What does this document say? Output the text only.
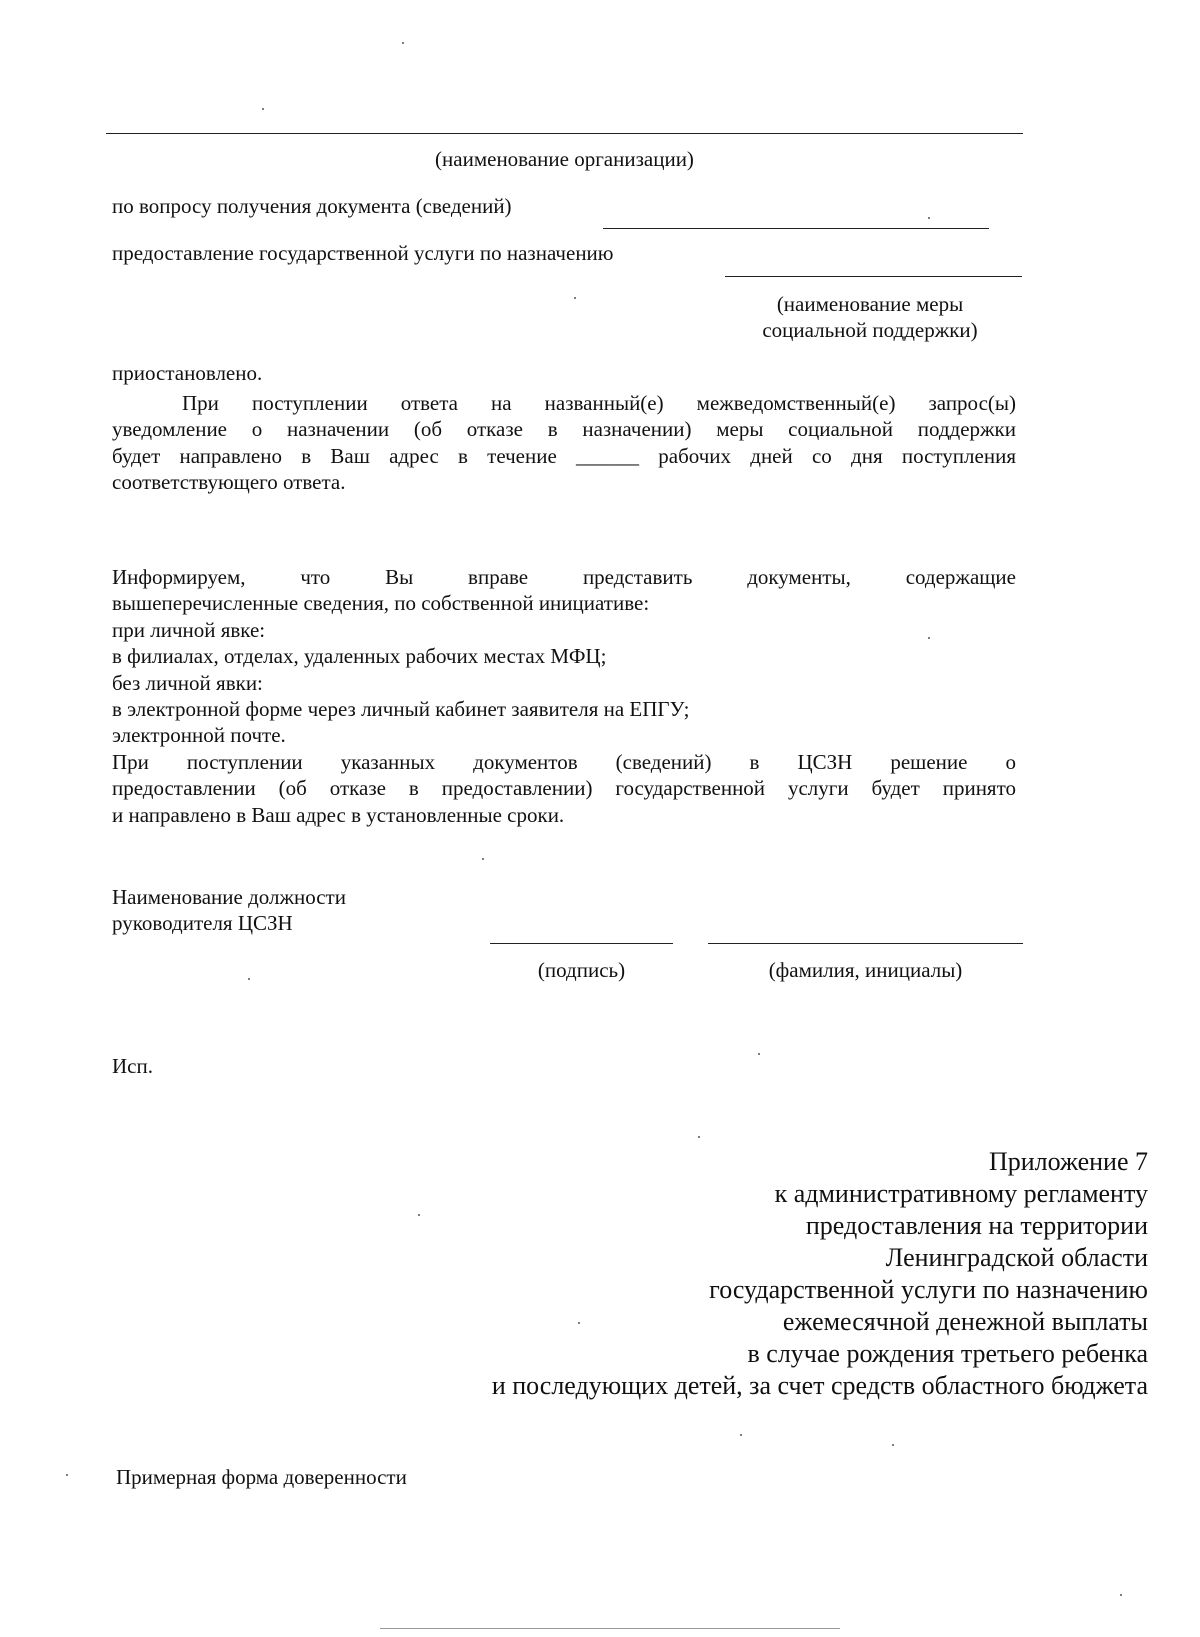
(наименование организации)
по вопросу получения документа (сведений)
предоставление государственной услуги по назначению
(наименование меры
социальной поддержки)
приостановлено.
При поступлении ответа на названный(е) межведомственный(е) запрос(ы)
уведомление о назначении (об отказе в назначении) меры социальной поддержки
будет направлено в Ваш адрес в течение ______ рабочих дней со дня поступления
соответствующего ответа.
Информируем, что Вы вправе представить документы, содержащие
вышеперечисленные сведения, по собственной инициативе:
при личной явке:
в филиалах, отделах, удаленных рабочих местах МФЦ;
без личной явки:
в электронной форме через личный кабинет заявителя на ЕПГУ;
электронной почте.
При поступлении указанных документов (сведений) в ЦСЗН решение о
предоставлении (об отказе в предоставлении) государственной услуги будет принято
и направлено в Ваш адрес в установленные сроки.
Наименование должности
руководителя ЦСЗН
(подпись)	(фамилия, инициалы)
Исп.
Приложение 7
к административному регламенту
предоставления на территории
Ленинградской области
государственной услуги по назначению
ежемесячной денежной выплаты
в случае рождения третьего ребенка
и последующих детей, за счет средств областного бюджета
Примерная форма доверенности
